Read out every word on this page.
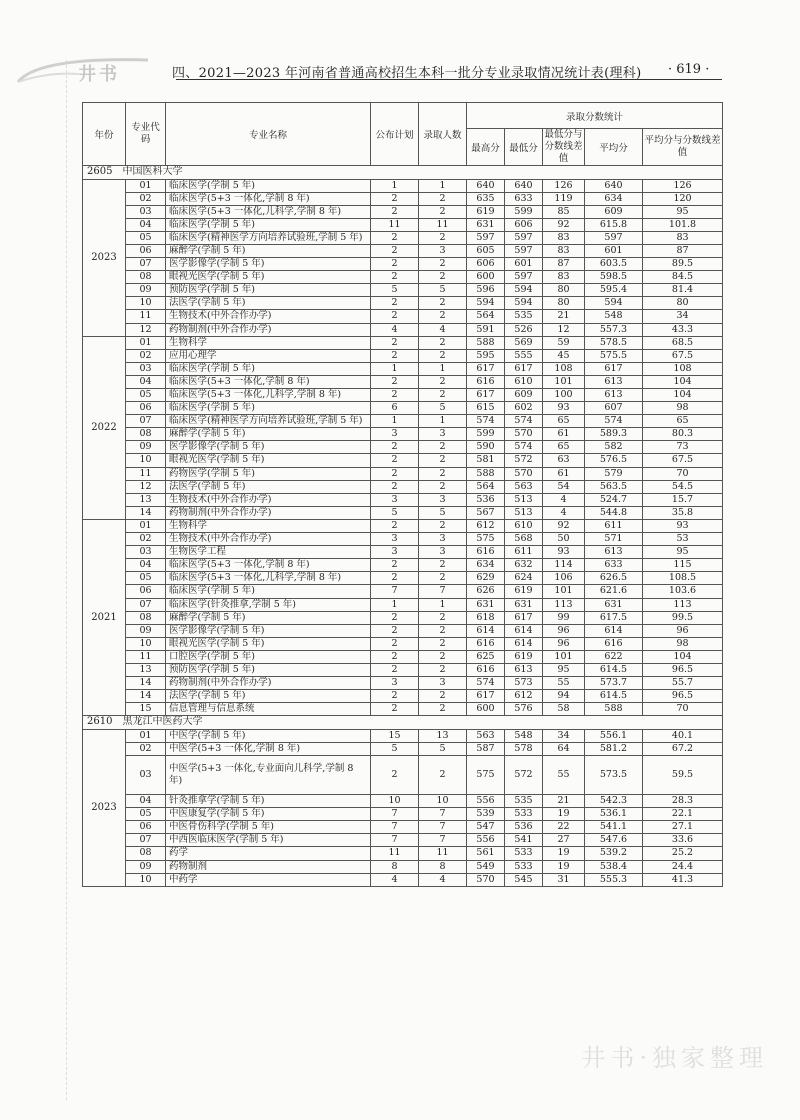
井书	四、2021—2023 年河南省普通高校招生本科一批分专业录取情况统计表(理科)	· 619 ·
年份	专业代码	专业名称	公布计划	录取人数	录取分数统计				
					最高分	最低分	最低分与分数线差值	平均分	平均分与分数线差值
2605　中国医科大学									
2023	01	临床医学(学制 5 年)	1	1	640	640	126	640	126
	02	临床医学(5+3 一体化,学制 8 年)	2	2	635	633	119	634	120
	03	临床医学(5+3 一体化,儿科学,学制 8 年)	2	2	619	599	85	609	95
	04	临床医学(学制 5 年)	11	11	631	606	92	615.8	101.8
	05	临床医学(精神医学方向培养试验班,学制 5 年)	2	2	597	597	83	597	83
	06	麻醉学(学制 5 年)	2	3	605	597	83	601	87
	07	医学影像学(学制 5 年)	2	2	606	601	87	603.5	89.5
	08	眼视光医学(学制 5 年)	2	2	600	597	83	598.5	84.5
	09	预防医学(学制 5 年)	5	5	596	594	80	595.4	81.4
	10	法医学(学制 5 年)	2	2	594	594	80	594	80
	11	生物技术(中外合作办学)	2	2	564	535	21	548	34
	12	药物制剂(中外合作办学)	4	4	591	526	12	557.3	43.3
2022	01	生物科学	2	2	588	569	59	578.5	68.5
	02	应用心理学	2	2	595	555	45	575.5	67.5
	03	临床医学(学制 5 年)	1	1	617	617	108	617	108
	04	临床医学(5+3 一体化,学制 8 年)	2	2	616	610	101	613	104
	05	临床医学(5+3 一体化,儿科学,学制 8 年)	2	2	617	609	100	613	104
	06	临床医学(学制 5 年)	6	5	615	602	93	607	98
	07	临床医学(精神医学方向培养试验班,学制 5 年)	1	1	574	574	65	574	65
	08	麻醉学(学制 5 年)	3	3	599	570	61	589.3	80.3
	09	医学影像学(学制 5 年)	2	2	590	574	65	582	73
	10	眼视光医学(学制 5 年)	2	2	581	572	63	576.5	67.5
	11	药物医学(学制 5 年)	2	2	588	570	61	579	70
	12	法医学(学制 5 年)	2	2	564	563	54	563.5	54.5
	13	生物技术(中外合作办学)	3	3	536	513	4	524.7	15.7
	14	药物制剂(中外合作办学)	5	5	567	513	4	544.8	35.8
2021	01	生物科学	2	2	612	610	92	611	93
	02	生物技术(中外合作办学)	3	3	575	568	50	571	53
	03	生物医学工程	3	3	616	611	93	613	95
	04	临床医学(5+3 一体化,学制 8 年)	2	2	634	632	114	633	115
	05	临床医学(5+3 一体化,儿科学,学制 8 年)	2	2	629	624	106	626.5	108.5
	06	临床医学(学制 5 年)	7	7	626	619	101	621.6	103.6
	07	临床医学(针灸推拿,学制 5 年)	1	1	631	631	113	631	113
	08	麻醉学(学制 5 年)	2	2	618	617	99	617.5	99.5
	09	医学影像学(学制 5 年)	2	2	614	614	96	614	96
	10	眼视光医学(学制 5 年)	2	2	616	614	96	616	98
	11	口腔医学(学制 5 年)	2	2	625	619	101	622	104
	13	预防医学(学制 5 年)	2	2	616	613	95	614.5	96.5
	14	药物制剂(中外合作办学)	3	3	574	573	55	573.7	55.7
	14	法医学(学制 5 年)	2	2	617	612	94	614.5	96.5
	15	信息管理与信息系统	2	2	600	576	58	588	70
2610　黑龙江中医药大学									
2023	01	中医学(学制 5 年)	15	13	563	548	34	556.1	40.1
	02	中医学(5+3 一体化,学制 8 年)	5	5	587	578	64	581.2	67.2
	03	中医学(5+3 一体化,专业面向儿科学,学制 8 年)	2	2	575	572	55	573.5	59.5
	04	针灸推拿学(学制 5 年)	10	10	556	535	21	542.3	28.3
	05	中医康复学(学制 5 年)	7	7	539	533	19	536.1	22.1
	06	中医骨伤科学(学制 5 年)	7	7	547	536	22	541.1	27.1
	07	中西医临床医学(学制 5 年)	7	7	556	541	27	547.6	33.6
	08	药学	11	11	561	533	19	539.2	25.2
	09	药物制剂	8	8	549	533	19	538.4	24.4
	10	中药学	4	4	570	545	31	555.3	41.3
井书·独家整理
